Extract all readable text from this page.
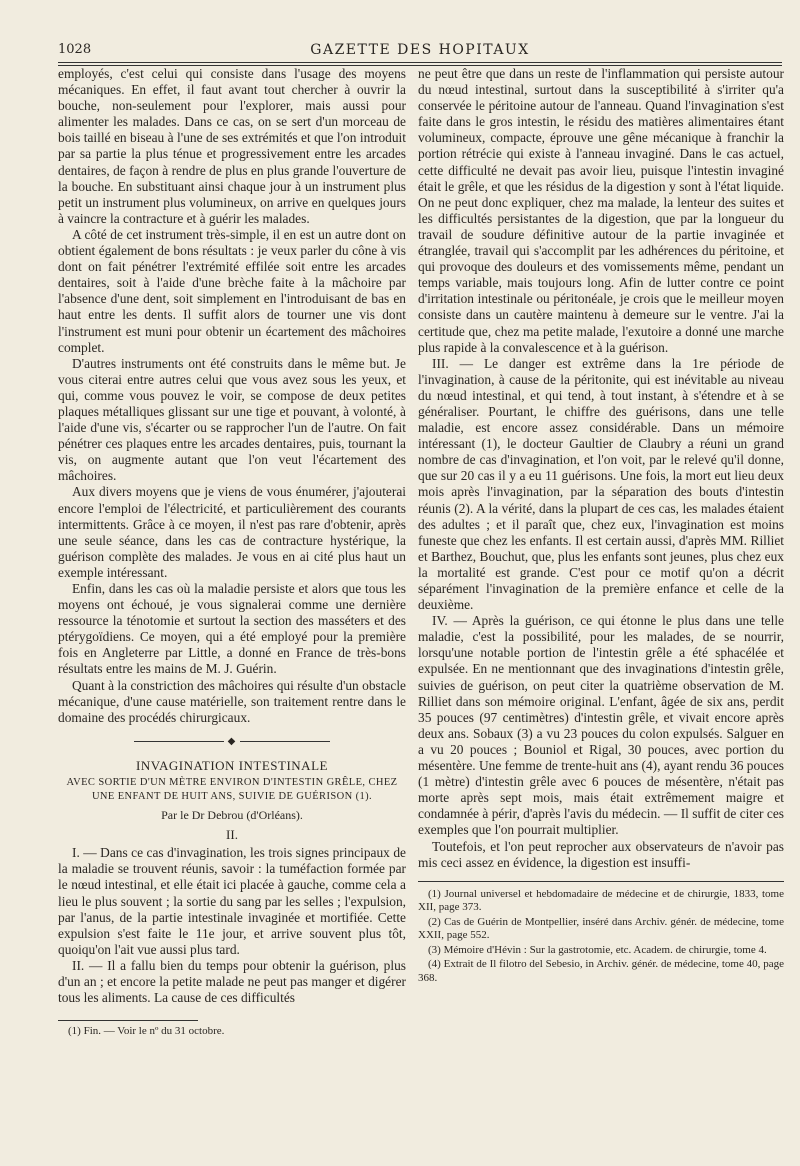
1028	GAZETTE DES HOPITAUX

employés, c'est celui qui consiste dans l'usage des moyens mécaniques. En effet, il faut avant tout chercher à ouvrir la bouche, non-seulement pour l'explorer, mais aussi pour alimenter les malades. Dans ce cas, on se sert d'un morceau de bois taillé en biseau à l'une de ses extrémités et que l'on introduit par sa partie la plus ténue et progressivement entre les arcades dentaires, de façon à rendre de plus en plus grande l'ouverture de la bouche. En substituant ainsi chaque jour à un instrument plus petit un instrument plus volumineux, on arrive en quelques jours à vaincre la contracture et à guérir les malades.

A côté de cet instrument très-simple, il en est un autre dont on obtient également de bons résultats : je veux parler du cône à vis dont on fait pénétrer l'extrémité effilée soit entre les arcades dentaires, soit à l'aide d'une brèche faite à la mâchoire par l'absence d'une dent, soit simplement en l'introduisant de bas en haut entre les dents. Il suffit alors de tourner une vis dont l'instrument est muni pour obtenir un écartement des mâchoires complet.

D'autres instruments ont été construits dans le même but. Je vous citerai entre autres celui que vous avez sous les yeux, et qui, comme vous pouvez le voir, se compose de deux petites plaques métalliques glissant sur une tige et pouvant, à volonté, à l'aide d'une vis, s'écarter ou se rapprocher l'un de l'autre. On fait pénétrer ces plaques entre les arcades dentaires, puis, tournant la vis, on augmente autant que l'on veut l'écartement des mâchoires.

Aux divers moyens que je viens de vous énumérer, j'ajouterai encore l'emploi de l'électricité, et particulièrement des courants intermittents. Grâce à ce moyen, il n'est pas rare d'obtenir, après une seule séance, dans les cas de contracture hystérique, la guérison complète des malades. Je vous en ai cité plus haut un exemple intéressant.

Enfin, dans les cas où la maladie persiste et alors que tous les moyens ont échoué, je vous signalerai comme une dernière ressource la ténotomie et surtout la section des masséters et des ptérygoïdiens. Ce moyen, qui a été employé pour la première fois en Angleterre par Little, a donné en France de très-bons résultats entre les mains de M. J. Guérin.

Quant à la constriction des mâchoires qui résulte d'un obstacle mécanique, d'une cause matérielle, son traitement rentre dans le domaine des procédés chirurgicaux.

◆
INVAGINATION INTESTINALE
AVEC SORTIE D'UN MÈTRE ENVIRON D'INTESTIN GRÊLE, CHEZ UNE ENFANT DE HUIT ANS, SUIVIE DE GUÉRISON (1).
Par le Dr Debrou (d'Orléans).
II.

I. — Dans ce cas d'invagination, les trois signes principaux de la maladie se trouvent réunis, savoir : la tuméfaction formée par le nœud intestinal, et elle était ici placée à gauche, comme cela a lieu le plus souvent ; la sortie du sang par les selles ; l'expulsion, par l'anus, de la partie intestinale invaginée et mortifiée. Cette expulsion s'est faite le 11e jour, et arrive souvent plus tôt, quoiqu'on l'ait vue aussi plus tard.

II. — Il a fallu bien du temps pour obtenir la guérison, plus d'un an ; et encore la petite malade ne peut pas manger et digérer tous les aliments. La cause de ces difficultés

(1) Fin. — Voir le nº du 31 octobre.

ne peut être que dans un reste de l'inflammation qui persiste autour du nœud intestinal, surtout dans la susceptibilité à s'irriter qu'a conservée le péritoine autour de l'anneau. Quand l'invagination s'est faite dans le gros intestin, le résidu des matières alimentaires étant volumineux, compacte, éprouve une gêne mécanique à franchir la portion rétrécie qui existe à l'anneau invaginé. Dans le cas actuel, cette difficulté ne devait pas avoir lieu, puisque l'intestin invaginé était le grêle, et que les résidus de la digestion y sont à l'état liquide. On ne peut donc expliquer, chez ma malade, la lenteur des suites et les difficultés persistantes de la digestion, que par la longueur du travail de soudure définitive autour de la partie invaginée et étranglée, travail qui s'accomplit par les adhérences du péritoine, et qui provoque des douleurs et des vomissements même, pendant un temps variable, mais toujours long. Afin de lutter contre ce point d'irritation intestinale ou péritonéale, je crois que le meilleur moyen consiste dans un cautère maintenu à demeure sur le ventre. J'ai la certitude que, chez ma petite malade, l'exutoire a donné une marche plus rapide à la convalescence et à la guérison.

III. — Le danger est extrême dans la 1re période de l'invagination, à cause de la péritonite, qui est inévitable au niveau du nœud intestinal, et qui tend, à tout instant, à s'étendre et à se généraliser. Pourtant, le chiffre des guérisons, dans une telle maladie, est encore assez considérable. Dans un mémoire intéressant (1), le docteur Gaultier de Claubry a réuni un grand nombre de cas d'invagination, et l'on voit, par le relevé qu'il donne, que sur 20 cas il y a eu 11 guérisons. Une fois, la mort eut lieu deux mois après l'invagination, par la séparation des bouts d'intestin réunis (2). A la vérité, dans la plupart de ces cas, les malades étaient des adultes ; et il paraît que, chez eux, l'invagination est moins funeste que chez les enfants. Il est certain aussi, d'après MM. Rilliet et Barthez, Bouchut, que, plus les enfants sont jeunes, plus chez eux la mortalité est grande. C'est pour ce motif qu'on a décrit séparément l'invagination de la première enfance et celle de la deuxième.

IV. — Après la guérison, ce qui étonne le plus dans une telle maladie, c'est la possibilité, pour les malades, de se nourrir, lorsqu'une notable portion de l'intestin grêle a été sphacélée et expulsée. En ne mentionnant que des invaginations d'intestin grêle, suivies de guérison, on peut citer la quatrième observation de M. Rilliet dans son mémoire original. L'enfant, âgée de six ans, perdit 35 pouces (97 centimètres) d'intestin grêle, et vivait encore après deux ans. Sobaux (3) a vu 23 pouces du colon expulsés. Salguer en a vu 20 pouces ; Bouniol et Rigal, 30 pouces, avec portion du mésentère. Une femme de trente-huit ans (4), ayant rendu 36 pouces (1 mètre) d'intestin grêle avec 6 pouces de mésentère, n'était pas morte après sept mois, mais était extrêmement maigre et condamnée à périr, d'après l'avis du médecin. — Il suffit de citer ces exemples que l'on pourrait multiplier.

Toutefois, et l'on peut reprocher aux observateurs de n'avoir pas mis ceci assez en évidence, la digestion est insuffi-

(1) Journal universel et hebdomadaire de médecine et de chirurgie, 1833, tome XII, page 373.

(2) Cas de Guérin de Montpellier, inséré dans Archiv. génér. de médecine, tome XXII, page 552.

(3) Mémoire d'Hévin : Sur la gastrotomie, etc. Academ. de chirurgie, tome 4.

(4) Extrait de Il filotro del Sebesio, in Archiv. génér. de médecine, tome 40, page 368.
